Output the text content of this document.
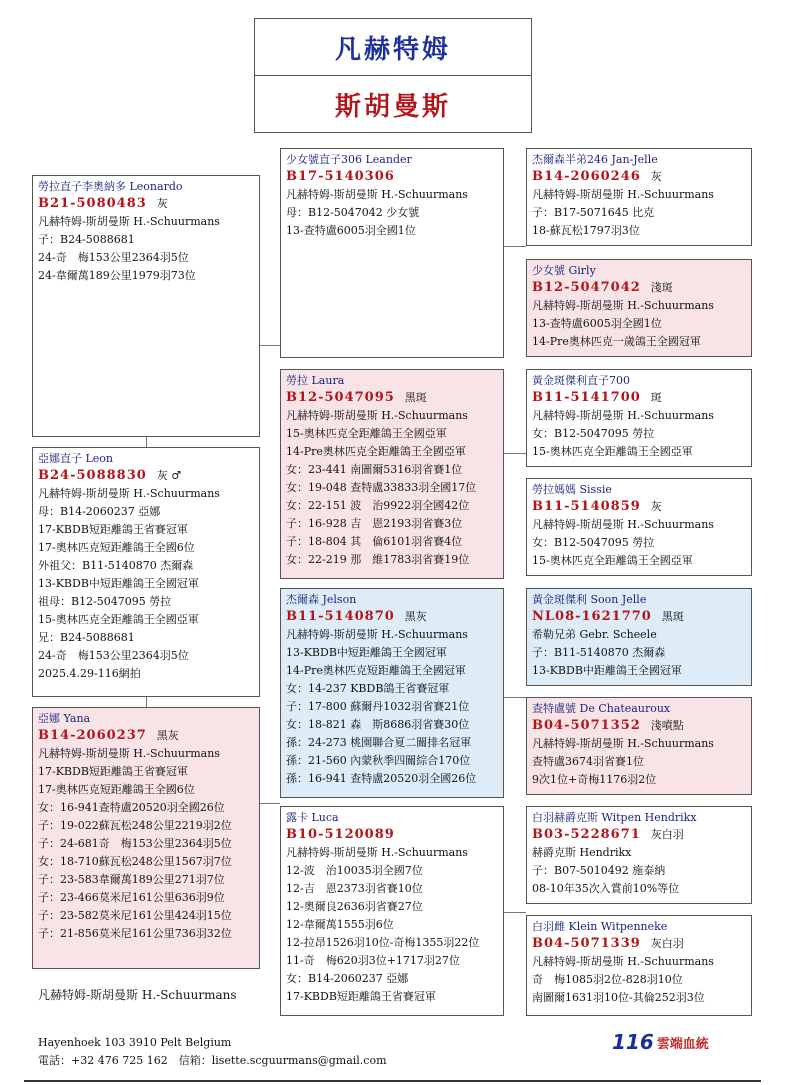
凡赫特姆
斯胡曼斯
勞拉直子李奧納多 Leonardo
B21-5080483 灰
凡赫特姆-斯胡曼斯 H.-Schuurmans
子：B24-5088681
24-奇　梅153公里2364羽5位
24-韋爾萬189公里1979羽73位
亞娜直子 Leon
B24-5088830 灰 ♂
凡赫特姆-斯胡曼斯 H.-Schuurmans
母：B14-2060237 亞娜
17-KBDB短距離鴿王省賽冠軍
17-奧林匹克短距離鴿王全國6位
外祖父：B11-5140870 杰爾森
13-KBDB中短距離鴿王全國冠軍
祖母：B12-5047095 勞拉
15-奧林匹克全距離鴿王全國亞軍
兄：B24-5088681
24-奇　梅153公里2364羽5位
2025.4.29-116網拍
亞娜 Yana
B14-2060237 黑灰
凡赫特姆-斯胡曼斯 H.-Schuurmans
17-KBDB短距離鴿王省賽冠軍
17-奧林匹克短距離鴿王全國6位
女：16-941查特盧20520羽全國26位
子：19-022蘇瓦松248公里2219羽2位
子：24-681奇　梅153公里2364羽5位
女：18-710蘇瓦松248公里1567羽7位
子：23-583韋爾萬189公里271羽7位
子：23-466莫米尼161公里636羽9位
子：23-582莫米尼161公里424羽15位
子：21-856莫米尼161公里736羽32位
少女號直子306 Leander
B17-5140306
凡赫特姆-斯胡曼斯 H.-Schuurmans
母：B12-5047042 少女號
13-查特盧6005羽全國1位
勞拉 Laura
B12-5047095 黑斑
凡赫特姆-斯胡曼斯 H.-Schuurmans
15-奧林匹克全距離鴿王全國亞軍
14-Pre奧林匹克全距離鴿王全國亞軍
女：23-441 南圖爾5316羽省賽1位
女：19-048 查特盧33833羽全國17位
女：22-151 波　治9922羽全國42位
子：16-928 吉　恩2193羽省賽3位
子：18-804 其　倫6101羽省賽4位
女：22-219 那　維1783羽省賽19位
杰爾森 Jelson
B11-5140870 黑灰
凡赫特姆-斯胡曼斯 H.-Schuurmans
13-KBDB中短距離鴿王全國冠軍
14-Pre奧林匹克短距離鴿王全國冠軍
女：14-237 KBDB鴿王省賽冠軍
子：17-800 蘇爾丹1032羽省賽21位
女：18-821 森　斯8686羽省賽30位
孫：24-273 桃園聯合夏二關排名冠軍
孫：21-560 內蒙秋季四關綜合170位
孫：16-941 查特盧20520羽全國26位
露卡 Luca
B10-5120089
凡赫特姆-斯胡曼斯 H.-Schuurmans
12-波　治10035羽全國7位
12-吉　恩2373羽省賽10位
12-奧爾良2636羽省賽27位
12-韋爾萬1555羽6位
12-拉昂1526羽10位-奇梅1355羽22位
11-奇　梅620羽3位+1717羽27位
女：B14-2060237 亞娜
17-KBDB短距離鴿王省賽冠軍
杰爾森半弟246 Jan-Jelle
B14-2060246 灰
凡赫特姆-斯胡曼斯 H.-Schuurmans
子：B17-5071645 比克
18-蘇瓦松1797羽3位
少女號 Girly
B12-5047042 淺斑
凡赫特姆-斯胡曼斯 H.-Schuurmans
13-查特盧6005羽全國1位
14-Pre奧林匹克一歲鴿王全國冠軍
黃金斑傑利直子700
B11-5141700 斑
凡赫特姆-斯胡曼斯 H.-Schuurmans
女：B12-5047095 勞拉
15-奧林匹克全距離鴿王全國亞軍
勞拉媽媽 Sissie
B11-5140859 灰
凡赫特姆-斯胡曼斯 H.-Schuurmans
女：B12-5047095 勞拉
15-奧林匹克全距離鴿王全國亞軍
黃金斑傑利 Soon Jelle
NL08-1621770 黑斑
希勒兄弟 Gebr. Scheele
子：B11-5140870 杰爾森
13-KBDB中距離鴿王全國冠軍
查特盧號 De Chateauroux
B04-5071352 淺噴點
凡赫特姆-斯胡曼斯 H.-Schuurmans
查特盧3674羽省賽1位
9次1位+奇梅1176羽2位
白羽赫爵克斯 Witpen Hendrikx
B03-5228671 灰白羽
赫爵克斯 Hendrikx
子：B07-5010492 施泰納
08-10年35次入賞前10%等位
白羽雌 Klein Witpenneke
B04-5071339 灰白羽
凡赫特姆-斯胡曼斯 H.-Schuurmans
奇　梅1085羽2位-828羽10位
南圖爾1631羽10位-其倫252羽3位
凡赫特姆-斯胡曼斯 H.-Schuurmans
Hayenhoek 103 3910 Pelt Belgium
電話：+32 476 725 162　信箱：lisette.scguurmans@gmail.com
116 雲端血統
